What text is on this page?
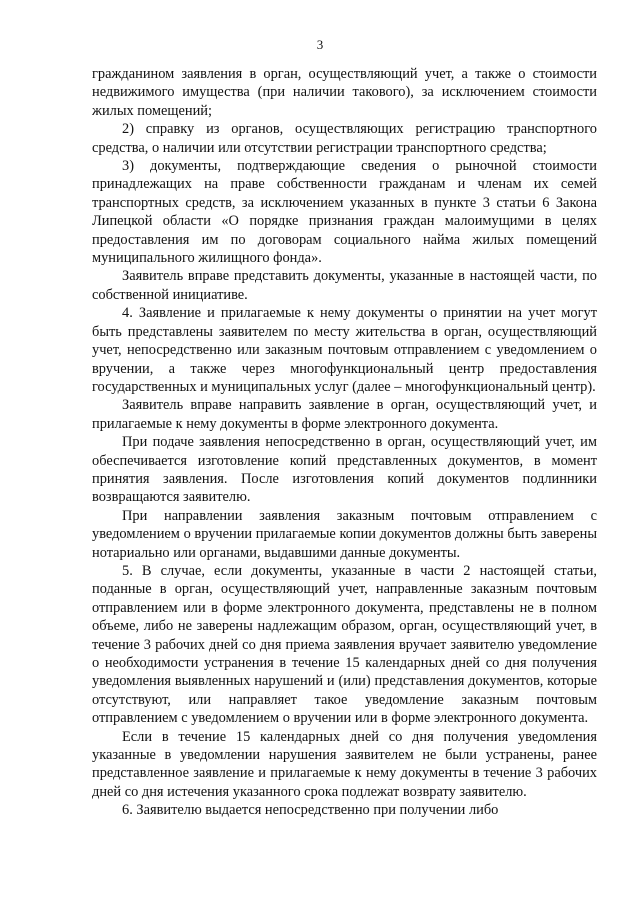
3

гражданином заявления в орган, осуществляющий учет, а также о стоимости недвижимого имущества (при наличии такового), за исключением стоимости жилых помещений;

2) справку из органов, осуществляющих регистрацию транспортного средства, о наличии или отсутствии регистрации транспортного средства;

3) документы, подтверждающие сведения о рыночной стоимости принадлежащих на праве собственности гражданам и членам их семей транспортных средств, за исключением указанных в пункте 3 статьи 6 Закона Липецкой области «О порядке признания граждан малоимущими в целях предоставления им по договорам социального найма жилых помещений муниципального жилищного фонда».

Заявитель вправе представить документы, указанные в настоящей части, по собственной инициативе.

4. Заявление и прилагаемые к нему документы о принятии на учет могут быть представлены заявителем по месту жительства в орган, осуществляющий учет, непосредственно или заказным почтовым отправлением с уведомлением о вручении, а также через многофункциональный центр предоставления государственных и муниципальных услуг (далее – многофункциональный центр).

Заявитель вправе направить заявление в орган, осуществляющий учет, и прилагаемые к нему документы в форме электронного документа.

При подаче заявления непосредственно в орган, осуществляющий учет, им обеспечивается изготовление копий представленных документов, в момент принятия заявления. После изготовления копий документов подлинники возвращаются заявителю.

При направлении заявления заказным почтовым отправлением с уведомлением о вручении прилагаемые копии документов должны быть заверены нотариально или органами, выдавшими данные документы.

5. В случае, если документы, указанные в части 2 настоящей статьи, поданные в орган, осуществляющий учет, направленные заказным почтовым отправлением или в форме электронного документа, представлены не в полном объеме, либо не заверены надлежащим образом, орган, осуществляющий учет, в течение 3 рабочих дней со дня приема заявления вручает заявителю уведомление о необходимости устранения в течение 15 календарных дней со дня получения уведомления выявленных нарушений и (или) представления документов, которые отсутствуют, или направляет такое уведомление заказным почтовым отправлением с уведомлением о вручении или в форме электронного документа.

Если в течение 15 календарных дней со дня получения уведомления указанные в уведомлении нарушения заявителем не были устранены, ранее представленное заявление и прилагаемые к нему документы в течение 3 рабочих дней со дня истечения указанного срока подлежат возврату заявителю.

6. Заявителю выдается непосредственно при получении либо
